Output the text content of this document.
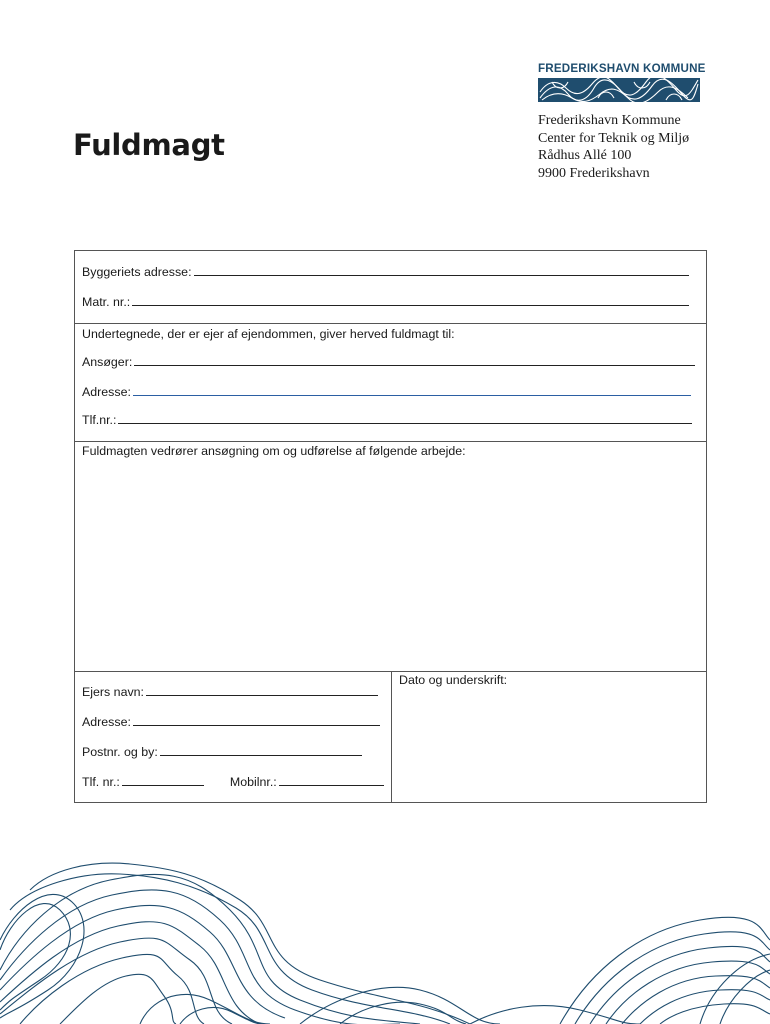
FREDERIKSHAVN KOMMUNE
Frederikshavn Kommune
Center for Teknik og Miljø
Rådhus Allé 100
9900 Frederikshavn
Fuldmagt
Byggeriets adresse:
Matr. nr.:
Undertegnede, der er ejer af ejendommen, giver herved fuldmagt til:
Ansøger:
Adresse:
Tlf.nr.:
Fuldmagten vedrører ansøgning om og udførelse af følgende arbejde:
Ejers navn:
Adresse:
Postnr. og by:
Tlf. nr.:	Mobilnr.:
Dato og underskrift:
